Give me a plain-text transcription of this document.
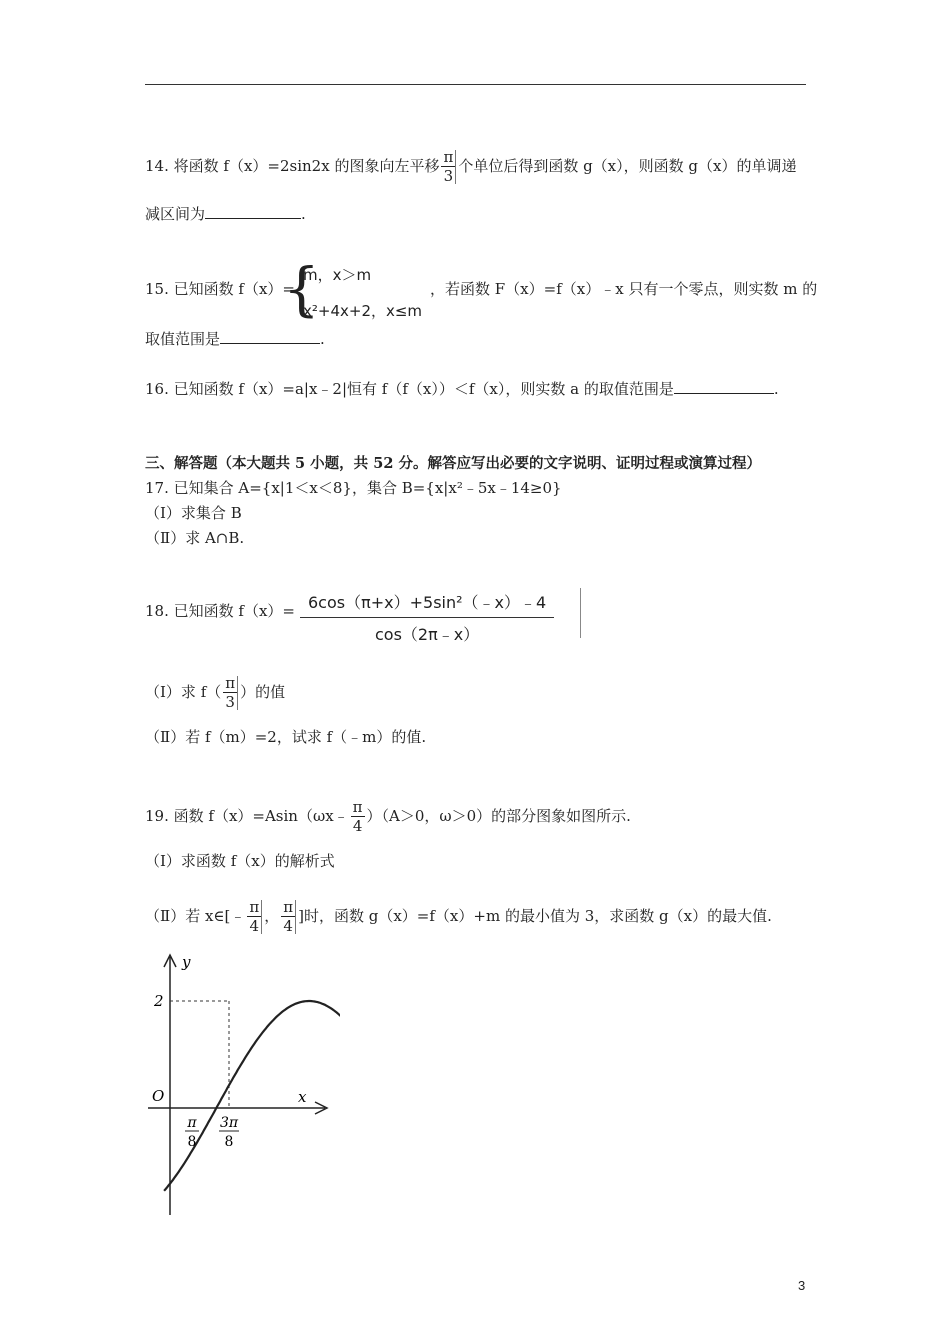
14. 将函数 f（x）=2sin2x 的图象向左平移 $\frac{\pi}{3}$ 个单位后得到函数 g（x），则函数 g（x）的单调递
减区间为	.
15. 已知函数 f（x）=
{
m，x＞m
x²+4x+2，x≤m
，若函数 F（x）=f（x）﹣x 只有一个零点，则实数 m 的
取值范围是	.
16. 已知函数 f（x）=a|x﹣2|恒有 f（f（x））＜f（x），则实数 a 的取值范围是	.
三、解答题（本大题共 5 小题，共 52 分。解答应写出必要的文字说明、证明过程或演算过程）
17. 已知集合 A={x|1＜x＜8}，集合 B={x|x²﹣5x﹣14≥0}
（Ⅰ）求集合 B
（Ⅱ）求 A∩B.
18. 已知函数 $f(x)= \frac{\text{6cos（π+x）+5sin²（﹣x）﹣4}}{\cos(2\pi﹣x)}$
（Ⅰ）求 $f( \frac{\pi}{3}$ ）的值
（Ⅱ）若 f（m）=2，试求 f（﹣m）的值.
19. 函数 f（x）=Asin（ωx﹣ $\frac{\pi}{4} )(A>0$，ω＞0）的部分图象如图所示.
（Ⅰ）求函数 f（x）的解析式
（Ⅱ）若 x∈[﹣ $\frac{\pi}{4}$ ， $\frac{\pi}{4}$ ]时，函数 g（x）=f（x）+m 的最小值为 3，求函数 g（x）的最大值.
y
x
O
2
π
8
3π
8
3
